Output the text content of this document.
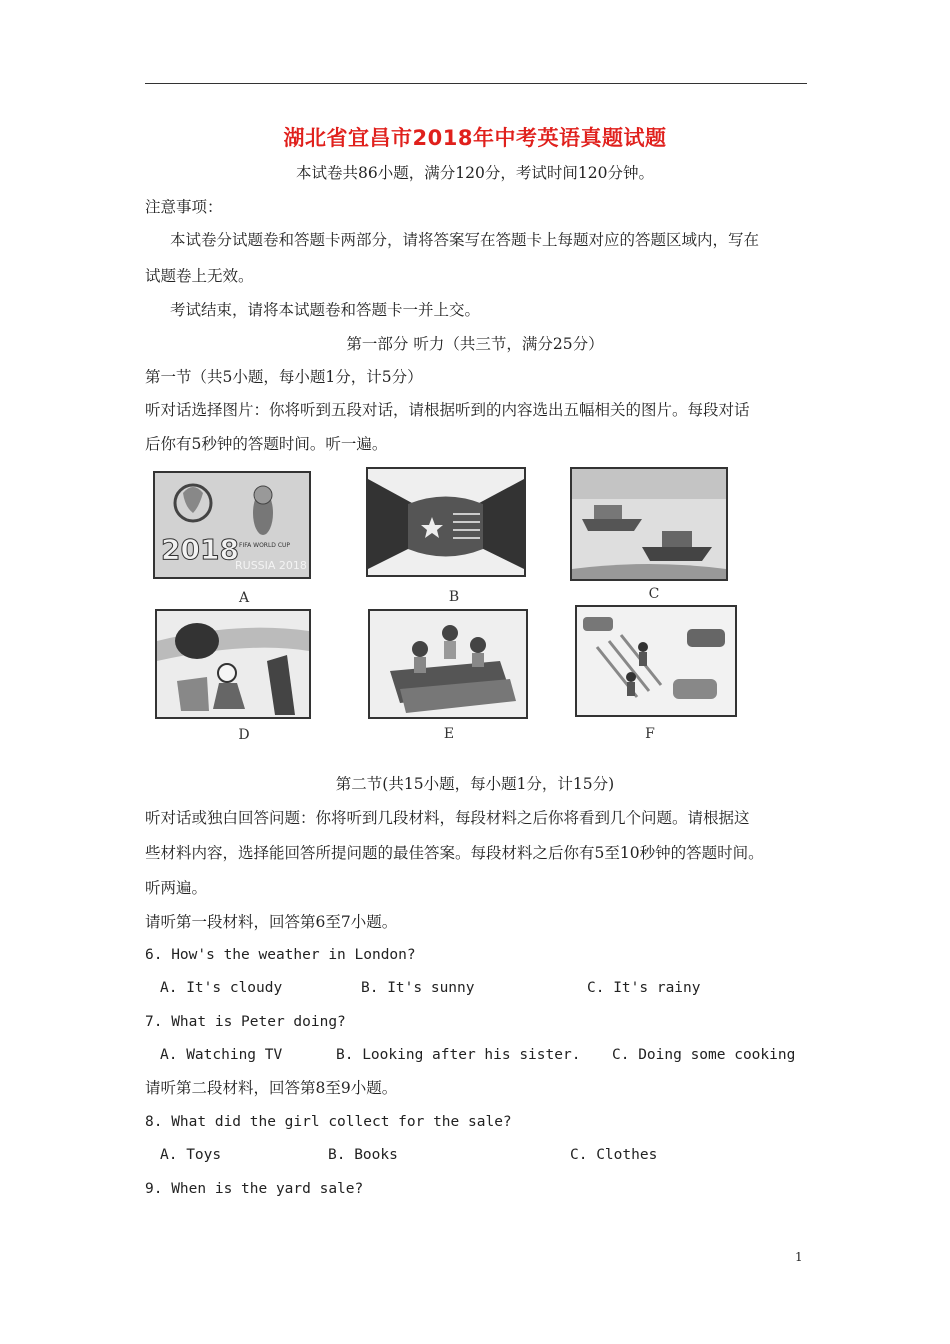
湖北省宜昌市2018年中考英语真题试题
本试卷共86小题，满分120分，考试时间120分钟。
注意事项：
本试卷分试题卷和答题卡两部分，请将答案写在答题卡上每题对应的答题区域内，写在
试题卷上无效。
考试结束，请将本试题卷和答题卡一并上交。
第一部分 听力（共三节，满分25分）
第一节（共5小题，每小题1分，计5分）
听对话选择图片：你将听到五段对话，请根据听到的内容选出五幅相关的图片。每段对话
后你有5秒钟的答题时间。听一遍。
2018 FIFA WORLD CUP
RUSSIA 2018
A	B	C
D	E	F
第二节(共15小题，每小题1分，计15分)
听对话或独白回答问题：你将听到几段材料，每段材料之后你将看到几个问题。请根据这
些材料内容，选择能回答所提问题的最佳答案。每段材料之后你有5至10秒钟的答题时间。
听两遍。
请听第一段材料，回答第6至7小题。
6. How's the weather in London?
A. It's cloudy	B. It's sunny	C. It's rainy
7. What is Peter doing?
A. Watching TV	B. Looking after his sister. C. Doing some cooking
请听第二段材料，回答第8至9小题。
8. What did the girl collect for the sale?
A. Toys	B. Books	C. Clothes
9. When is the yard sale?
1
